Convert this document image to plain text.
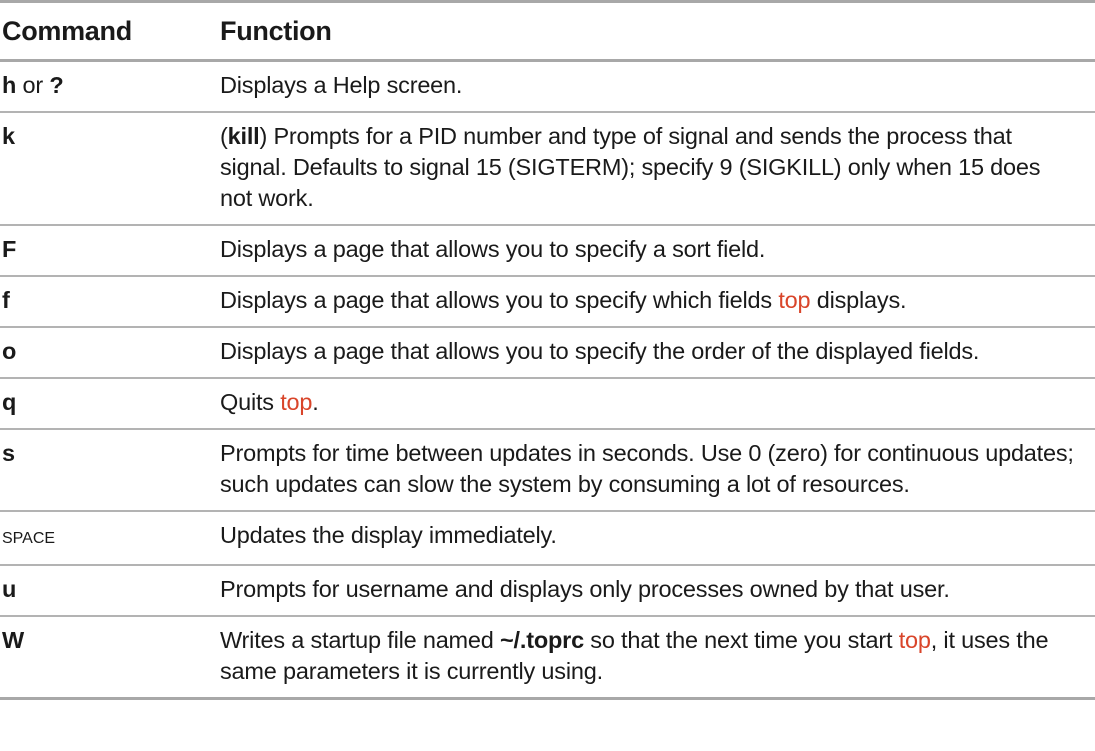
Command	Function
h or ?	Displays a Help screen.
k	(kill) Prompts for a PID number and type of signal and sends the process that signal. Defaults to signal 15 (SIGTERM); specify 9 (SIGKILL) only when 15 does not work.
F	Displays a page that allows you to specify a sort field.
f	Displays a page that allows you to specify which fields top displays.
o	Displays a page that allows you to specify the order of the displayed fields.
q	Quits top.
s	Prompts for time between updates in seconds. Use 0 (zero) for continuous updates; such updates can slow the system by consuming a lot of resources.
SPACE	Updates the display immediately.
u	Prompts for username and displays only processes owned by that user.
W	Writes a startup file named ~/.toprc so that the next time you start top, it uses the same parameters it is currently using.
